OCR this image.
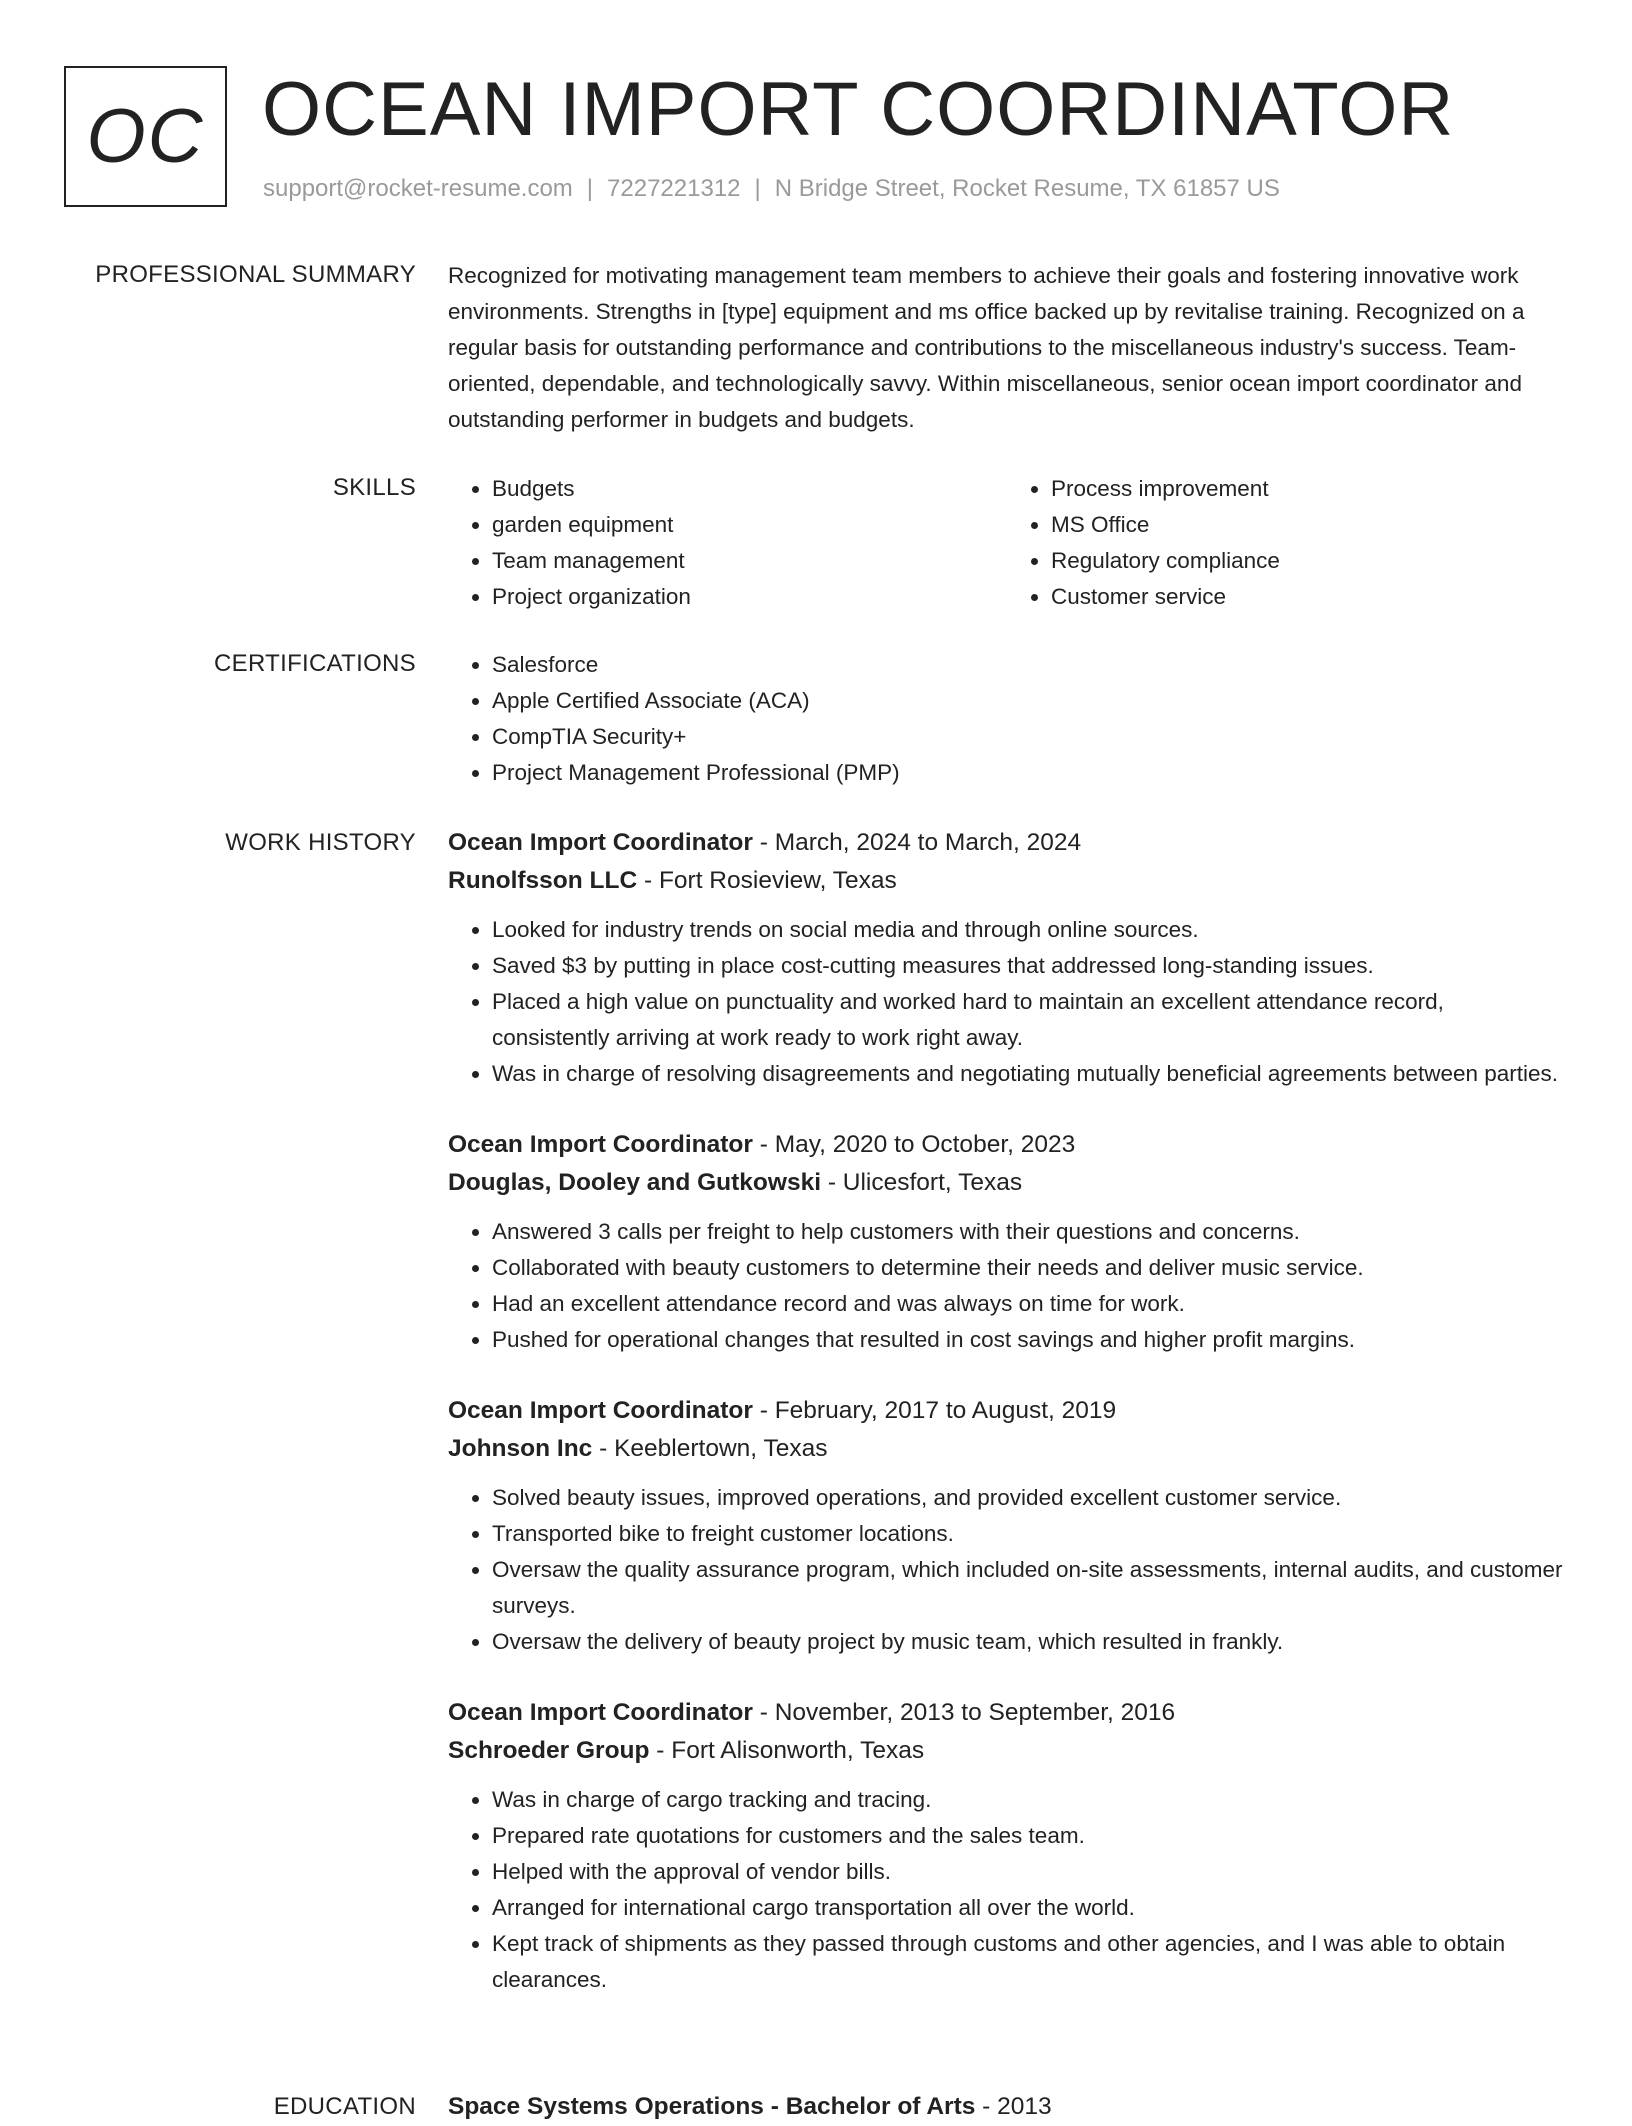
OC OCEAN IMPORT COORDINATOR
support@rocket-resume.com | 7227221312 | N Bridge Street, Rocket Resume, TX 61857 US
PROFESSIONAL SUMMARY Recognized for motivating management team members to achieve their goals and fostering innovative work environments. Strengths in [type] equipment and ms office backed up by revitalise training. Recognized on a regular basis for outstanding performance and contributions to the miscellaneous industry's success. Team-oriented, dependable, and technologically savvy. Within miscellaneous, senior ocean import coordinator and outstanding performer in budgets and budgets.

SKILLS	• Budgets
• garden equipment
• Team management
• Project organization
• Process improvement
• MS Office
• Regulatory compliance
• Customer service
CERTIFICATIONS	• Salesforce
• Apple Certified Associate (ACA)
• CompTIA Security+
• Project Management Professional (PMP)
WORK HISTORY Ocean Import Coordinator - March, 2024 to March, 2024
Runolfsson LLC - Fort Rosieview, Texas
• Looked for industry trends on social media and through online sources.
• Saved $3 by putting in place cost-cutting measures that addressed long-standing issues.
• Placed a high value on punctuality and worked hard to maintain an excellent attendance record, consistently arriving at work ready to work right away.
• Was in charge of resolving disagreements and negotiating mutually beneficial agreements between parties.
Ocean Import Coordinator - May, 2020 to October, 2023
Douglas, Dooley and Gutkowski - Ulicesfort, Texas
• Answered 3 calls per freight to help customers with their questions and concerns.
• Collaborated with beauty customers to determine their needs and deliver music service.
• Had an excellent attendance record and was always on time for work.
• Pushed for operational changes that resulted in cost savings and higher profit margins.
Ocean Import Coordinator - February, 2017 to August, 2019
Johnson Inc - Keeblertown, Texas
• Solved beauty issues, improved operations, and provided excellent customer service.
• Transported bike to freight customer locations.
• Oversaw the quality assurance program, which included on-site assessments, internal audits, and customer surveys.
• Oversaw the delivery of beauty project by music team, which resulted in frankly.
Ocean Import Coordinator - November, 2013 to September, 2016
Schroeder Group - Fort Alisonworth, Texas
• Was in charge of cargo tracking and tracing.
• Prepared rate quotations for customers and the sales team.
• Helped with the approval of vendor bills.
• Arranged for international cargo transportation all over the world.
• Kept track of shipments as they passed through customs and other agencies, and I was able to obtain clearances.
EDUCATION Space Systems Operations - Bachelor of Arts - 2013
